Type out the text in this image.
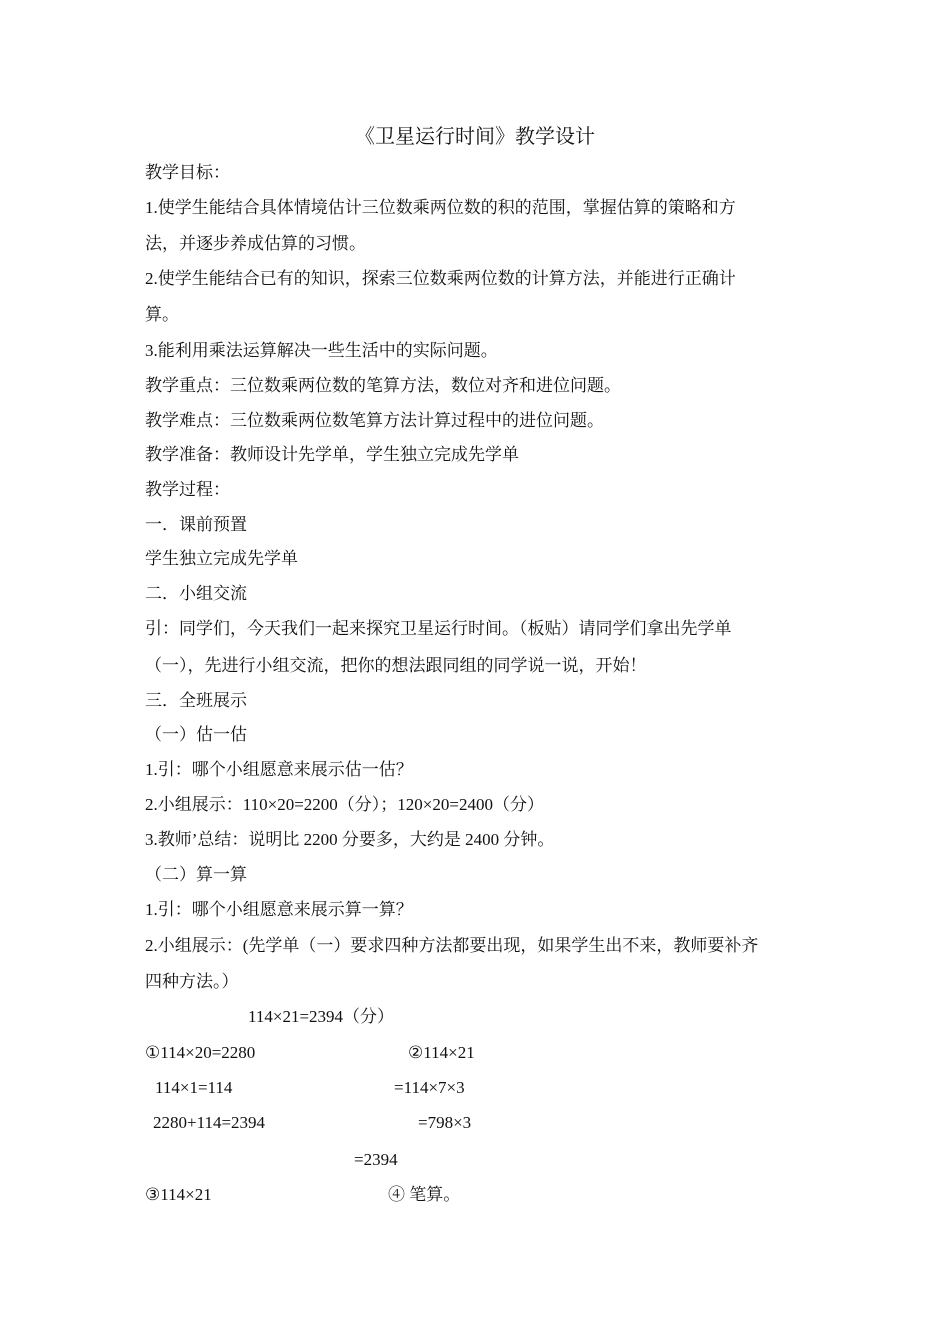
《卫星运行时间》教学设计
教学目标：
1.使学生能结合具体情境估计三位数乘两位数的积的范围，掌握估算的策略和方
法，并逐步养成估算的习惯。
2.使学生能结合已有的知识，探索三位数乘两位数的计算方法，并能进行正确计
算。
3.能利用乘法运算解决一些生活中的实际问题。
教学重点：三位数乘两位数的笔算方法，数位对齐和进位问题。
教学难点：三位数乘两位数笔算方法计算过程中的进位问题。
教学准备：教师设计先学单，学生独立完成先学单
教学过程：
一．课前预置
学生独立完成先学单
二．小组交流
引：同学们，今天我们一起来探究卫星运行时间。（板贴）请同学们拿出先学单
（一），先进行小组交流，把你的想法跟同组的同学说一说，开始！
三．全班展示
（一）估一估
1.引：哪个小组愿意来展示估一估？
2.小组展示：110×20=2200（分）；120×20=2400（分）
3.教师’总结：说明比 2200 分要多，大约是 2400 分钟。
（二）算一算
1.引：哪个小组愿意来展示算一算？
2.小组展示：(先学单（一）要求四种方法都要出现，如果学生出不来，教师要补齐
四种方法。）
114×21=2394（分）
①114×20=2280	②114×21
114×1=114	=114×7×3
2280+114=2394	=798×3
=2394
③114×21	④ 笔算。
